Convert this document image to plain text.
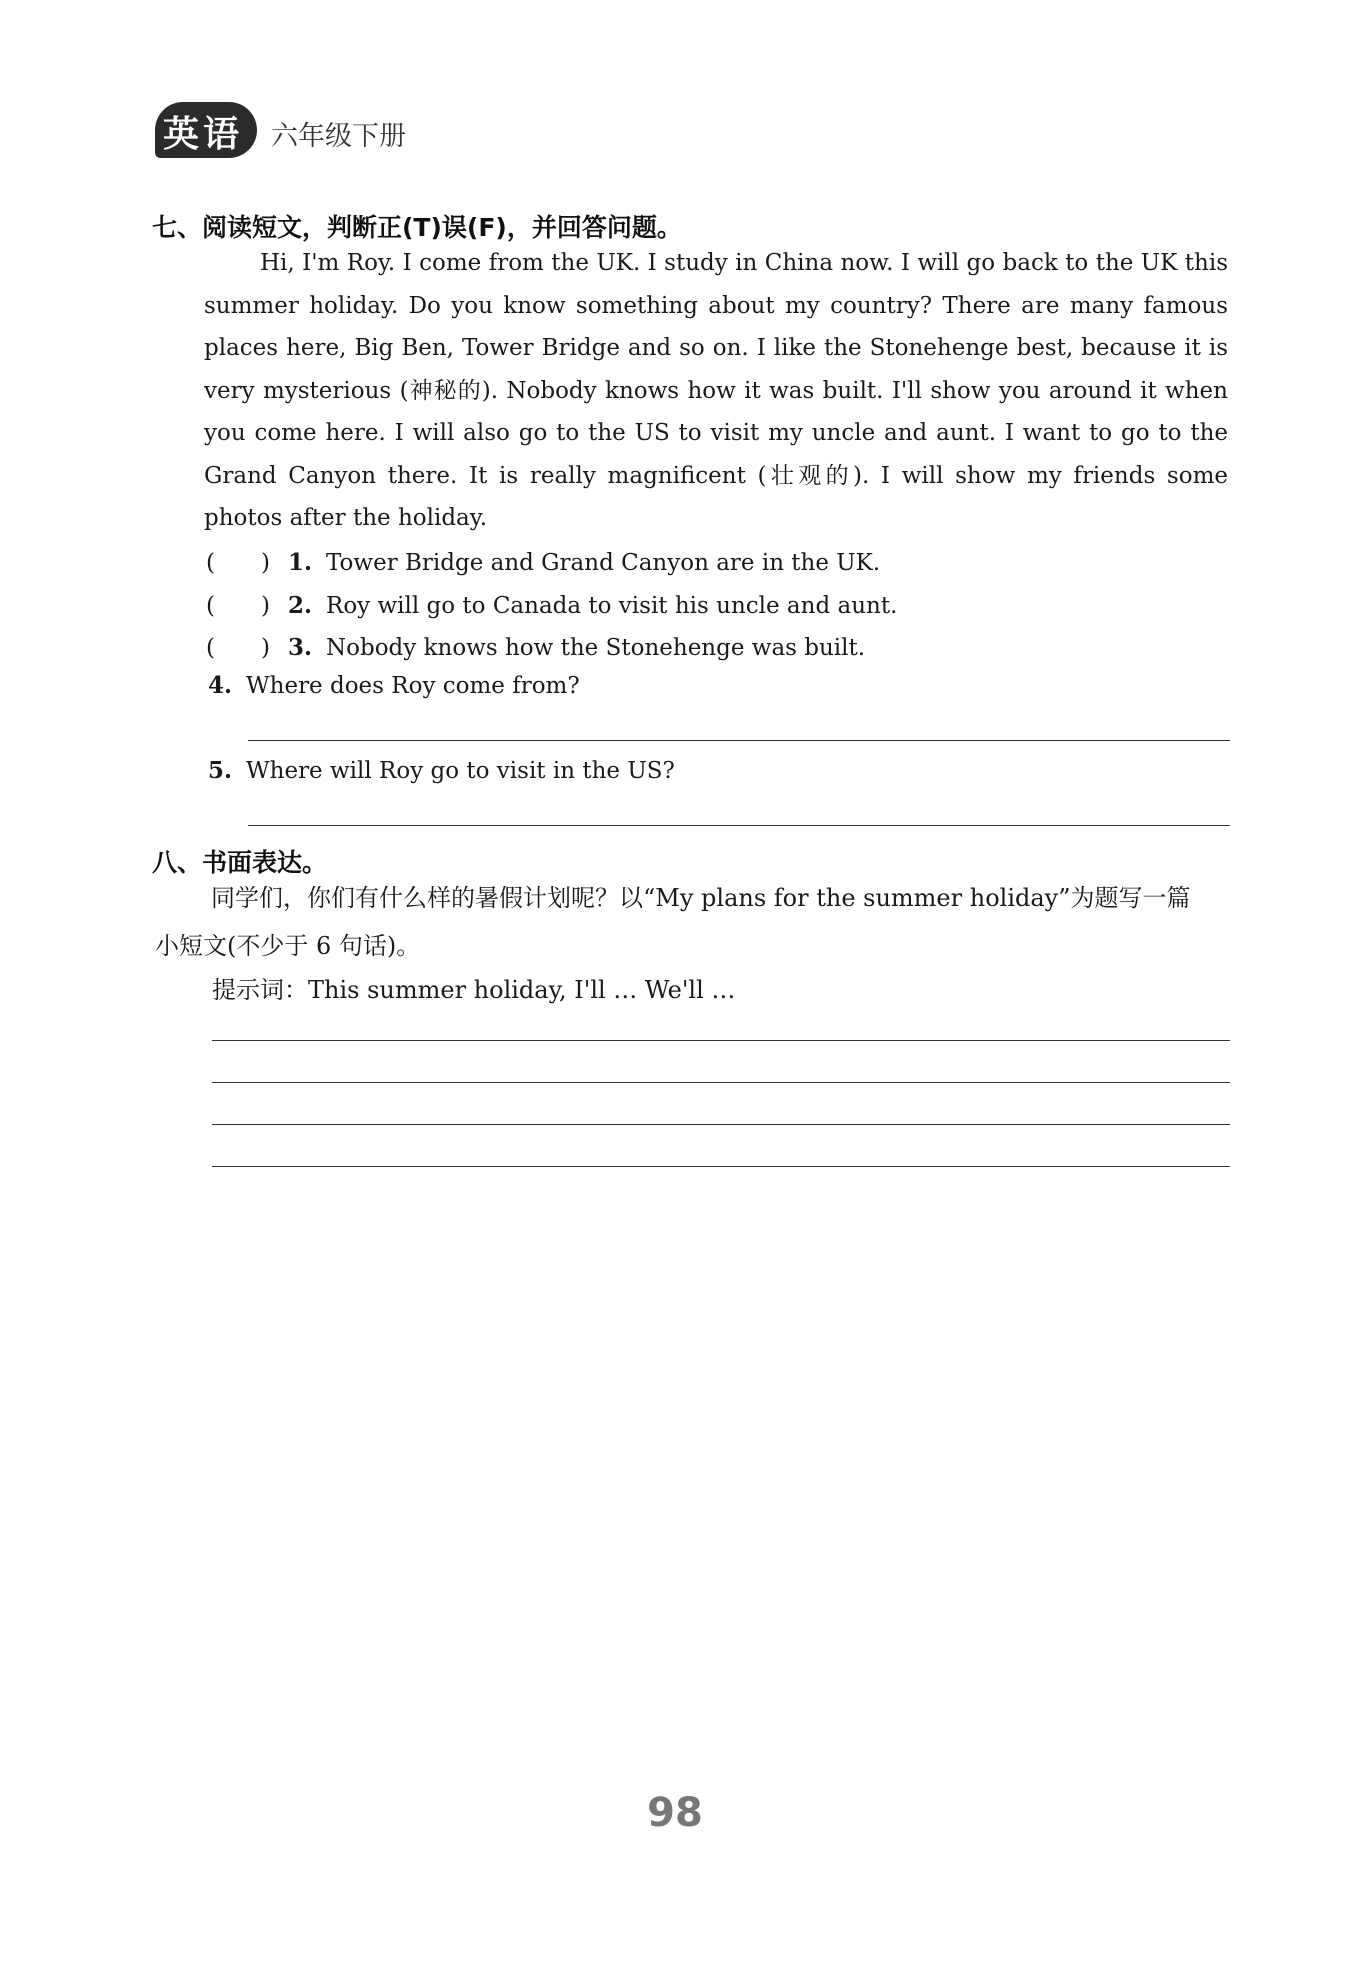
英语 六年级下册
七、阅读短文，判断正(T)误(F)，并回答问题。

Hi, I'm Roy. I come from the UK. I study in China now. I will go back to the UK this summer holiday. Do you know something about my country? There are many famous places here, Big Ben, Tower Bridge and so on. I like the Stonehenge best, because it is very mysterious (神秘的). Nobody knows how it was built. I'll show you around it when you come here. I will also go to the US to visit my uncle and aunt. I want to go to the Grand Canyon there. It is really magnificent (壮观的). I will show my friends some photos after the holiday.

(　　) 1. Tower Bridge and Grand Canyon are in the UK.
(　　) 2. Roy will go to Canada to visit his uncle and aunt.
(　　) 3. Nobody knows how the Stonehenge was built.
4. Where does Roy come from?
5. Where will Roy go to visit in the US?
八、书面表达。

同学们，你们有什么样的暑假计划呢？以“My plans for the summer holiday”为题写一篇

小短文(不少于 6 句话)。

提示词：This summer holiday, I'll … We'll …
98
